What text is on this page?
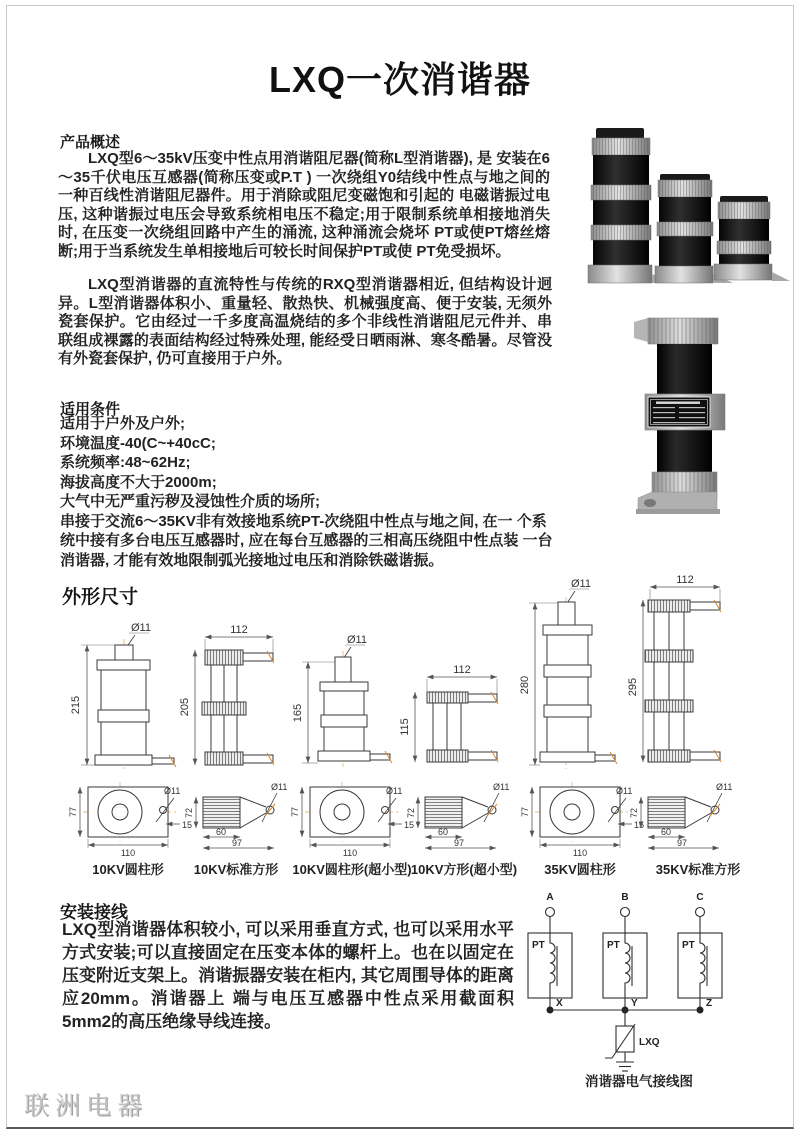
LXQ一次消谐器
产品概述
LXQ型6～35kV压变中性点用消谐阻尼器(简称L型消谐器), 是 安装在6～35千伏电压互感器(简称压变或P.T ) 一次绕组Y0结线中性点与地之间的一种百线性消谐阻尼器件。用于消除或阻尼变磁饱和引起的 电磁谐振过电压, 这种谐振过电压会导致系统相电压不稳定;用于限制系统单相接地消失时, 在压变一次绕组回路中产生的涌流, 这种涌流会烧坏 PT或使PT熔丝熔断;用于当系统发生单相接地后可较长时间保护PT或使 PT免受损坏。
LXQ型消谐器的直流特性与传统的RXQ型消谐器相近, 但结构设计迥 异。L型消谐器体积小、重量轻、散热快、机械强度高、便于安装, 无须外瓷套保护。它由经过一千多度高温烧结的多个非线性消谐阻尼元件并、串联组成裸露的表面结构经过特殊处理, 能经受日晒雨淋、寒冬酷暑。尽管没有外瓷套保护, 仍可直接用于户外。
适用条件
适用于户外及户外;
环境温度-40(C~+40cC;
系统频率:48~62Hz;
海拔高度不大于2000m;
大气中无严重污秽及浸蚀性介质的场所;
串接于交流6～35KV非有效接地系统PT-次绕阻中性点与地之间, 在一 个系统中接有多台电压互感器时, 应在每台互感器的三相高压绕阻中性点装 一台消谐器, 才能有效地限制弧光接地过电压和消除铁磁谐振。
外形尺寸
215
Ø11	112
205	165
Ø11
112
115
280
Ø11	112
295
Ø11
15
77
110
Ø11
72
60
97
Ø11
15
77
110
Ø11
72
60
97
Ø11
15
77
110
Ø11
72
60
97
10KV圆柱形 10KV标准方形 10KV圆柱形(超小型) 10KV方形(超小型) 35KV圆柱形	35KV标准方形
安装接线
LXQ型消谐器体积较小, 可以采用垂直方式, 也可以采用水平方式安装;可以直接固定在压变本体的螺杆上。也在以固定在压变附近支架上。消谐振器安装在柜内, 其它周围导体的距离应20mm。消谐器上 端与电压互感器中性点采用截面积5mm2的高压绝缘导线连接。
A
PT
X
B
PT
Y
C
PT
Z
LXQ
消谐器电气接线图
联洲电器
